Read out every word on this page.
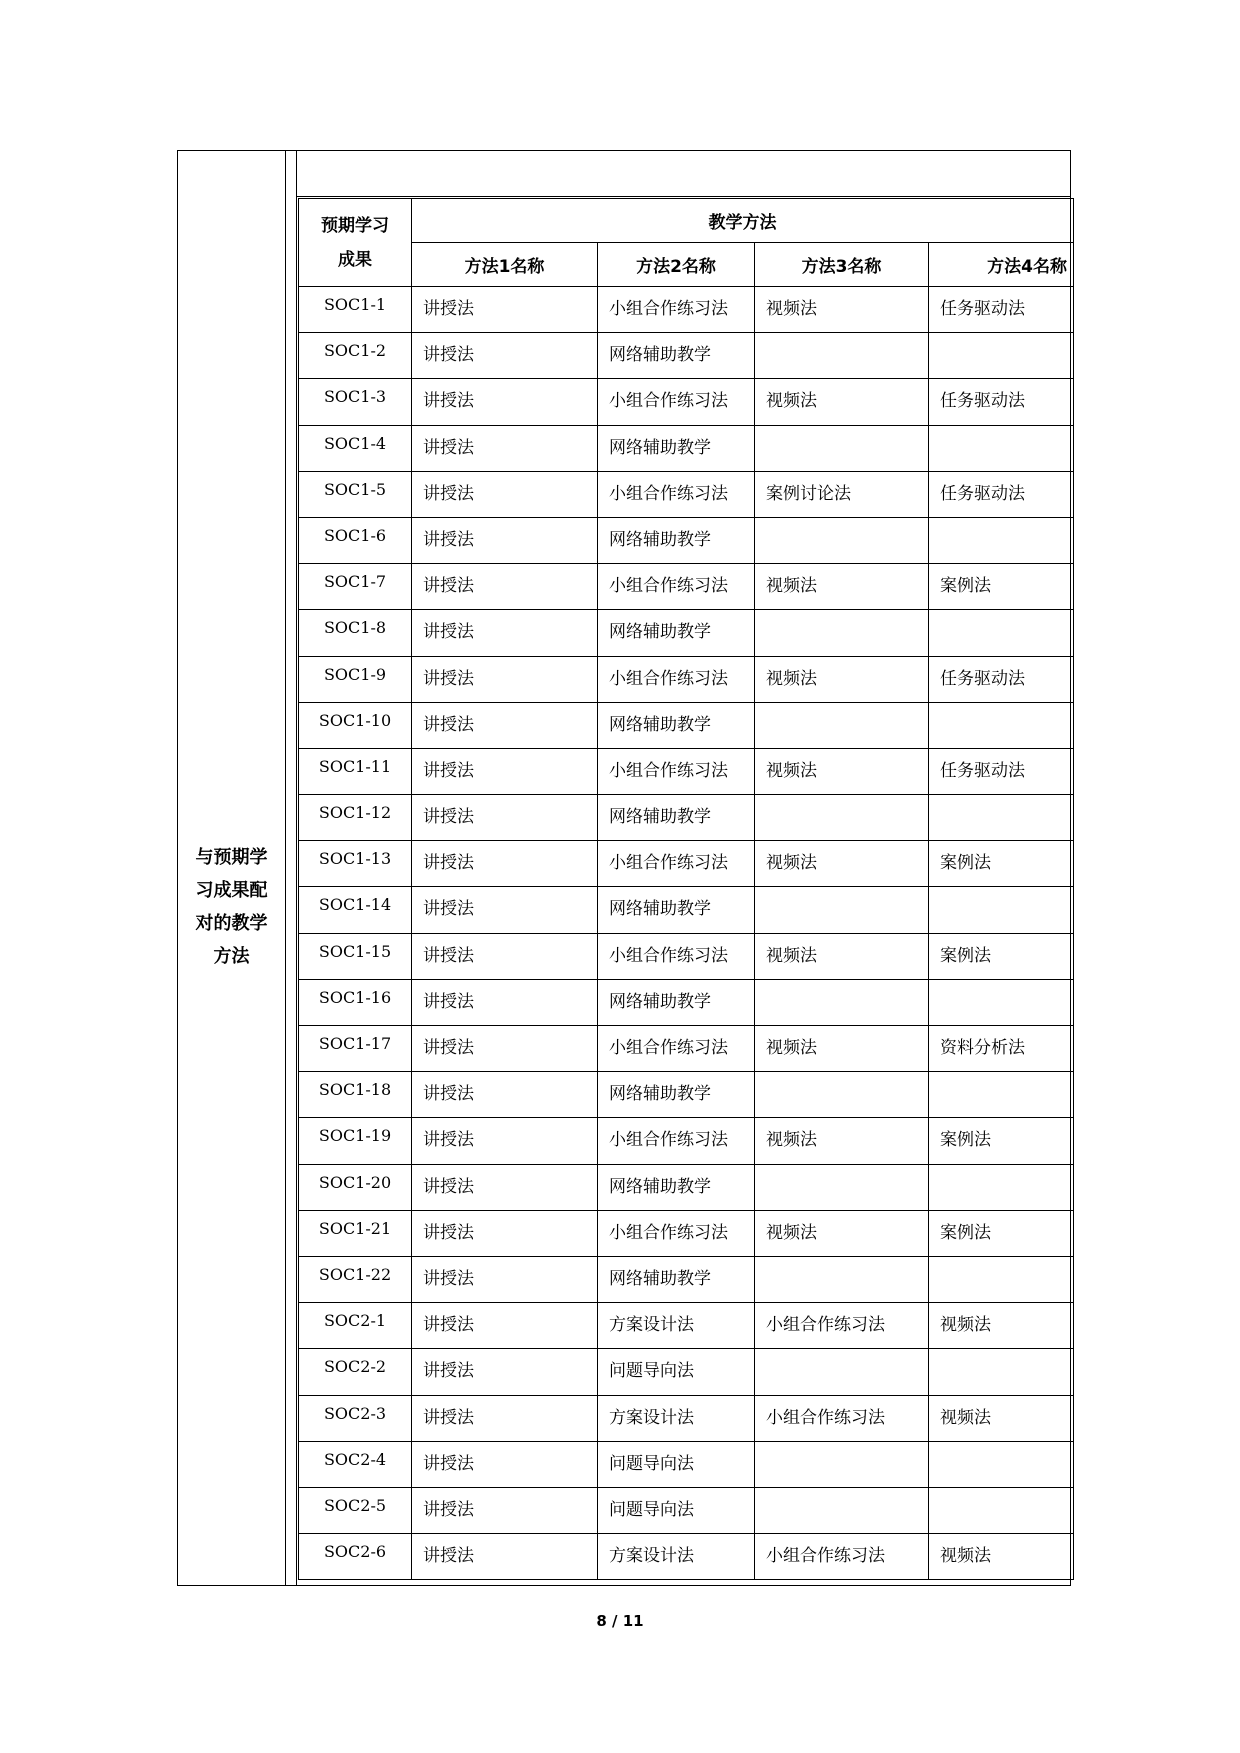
与预期学
习成果配
对的教学
方法
预期学习
成果	教学方法			
	方法1名称	方法2名称	方法3名称	方法4名称
SOC1-1	讲授法	小组合作练习法	视频法	任务驱动法
SOC1-2	讲授法	网络辅助教学		
SOC1-3	讲授法	小组合作练习法	视频法	任务驱动法
SOC1-4	讲授法	网络辅助教学		
SOC1-5	讲授法	小组合作练习法	案例讨论法	任务驱动法
SOC1-6	讲授法	网络辅助教学		
SOC1-7	讲授法	小组合作练习法	视频法	案例法
SOC1-8	讲授法	网络辅助教学		
SOC1-9	讲授法	小组合作练习法	视频法	任务驱动法
SOC1-10	讲授法	网络辅助教学		
SOC1-11	讲授法	小组合作练习法	视频法	任务驱动法
SOC1-12	讲授法	网络辅助教学		
SOC1-13	讲授法	小组合作练习法	视频法	案例法
SOC1-14	讲授法	网络辅助教学		
SOC1-15	讲授法	小组合作练习法	视频法	案例法
SOC1-16	讲授法	网络辅助教学		
SOC1-17	讲授法	小组合作练习法	视频法	资料分析法
SOC1-18	讲授法	网络辅助教学		
SOC1-19	讲授法	小组合作练习法	视频法	案例法
SOC1-20	讲授法	网络辅助教学		
SOC1-21	讲授法	小组合作练习法	视频法	案例法
SOC1-22	讲授法	网络辅助教学		
SOC2-1	讲授法	方案设计法	小组合作练习法	视频法
SOC2-2	讲授法	问题导向法		
SOC2-3	讲授法	方案设计法	小组合作练习法	视频法
SOC2-4	讲授法	问题导向法		
SOC2-5	讲授法	问题导向法		
SOC2-6	讲授法	方案设计法	小组合作练习法	视频法
8 / 11
